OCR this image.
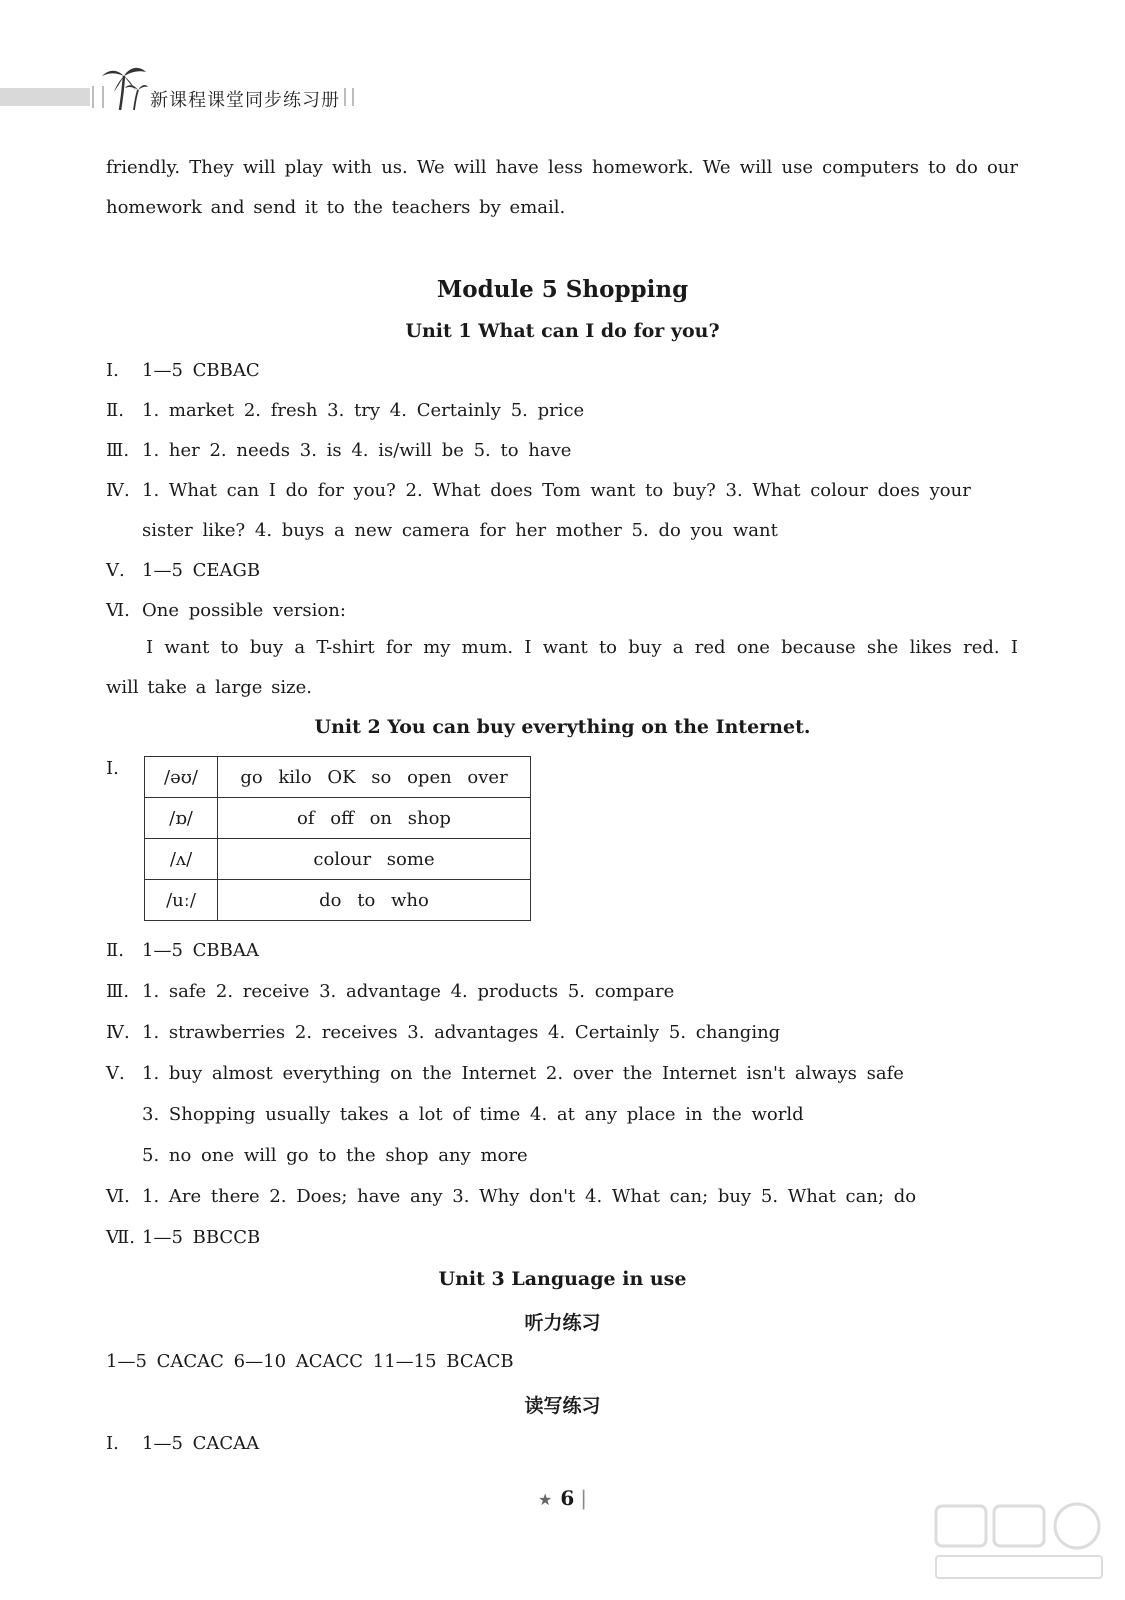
新课程课堂同步练习册
friendly. They will play with us. We will have less homework. We will use computers to do our
homework and send it to the teachers by email.
Module 5 Shopping
Unit 1 What can I do for you?
Ⅰ. 1—5 CBBAC
Ⅱ. 1. market 2. fresh 3. try 4. Certainly 5. price
Ⅲ. 1. her 2. needs 3. is 4. is/will be 5. to have
Ⅳ. 1. What can I do for you? 2. What does Tom want to buy? 3. What colour does your
sister like? 4. buys a new camera for her mother 5. do you want
Ⅴ. 1—5 CEAGB
Ⅵ. One possible version:
I want to buy a T-shirt for my mum. I want to buy a red one because she likes red. I
will take a large size.
Unit 2 You can buy everything on the Internet.
Ⅰ.	/əʊ/	go kilo OK so open over
/ɒ/	of off on shop
/ʌ/	colour some
/uː/	do to who
Ⅱ. 1—5 CBBAA
Ⅲ. 1. safe 2. receive 3. advantage 4. products 5. compare
Ⅳ. 1. strawberries 2. receives 3. advantages 4. Certainly 5. changing
Ⅴ. 1. buy almost everything on the Internet 2. over the Internet isn't always safe
3. Shopping usually takes a lot of time 4. at any place in the world
5. no one will go to the shop any more
Ⅵ. 1. Are there 2. Does; have any 3. Why don't 4. What can; buy 5. What can; do
Ⅶ. 1—5 BBCCB
Unit 3 Language in use
听力练习
1—5 CACAC 6—10 ACACC 11—15 BCACB
读写练习
Ⅰ. 1—5 CACAA
★ 6 |
